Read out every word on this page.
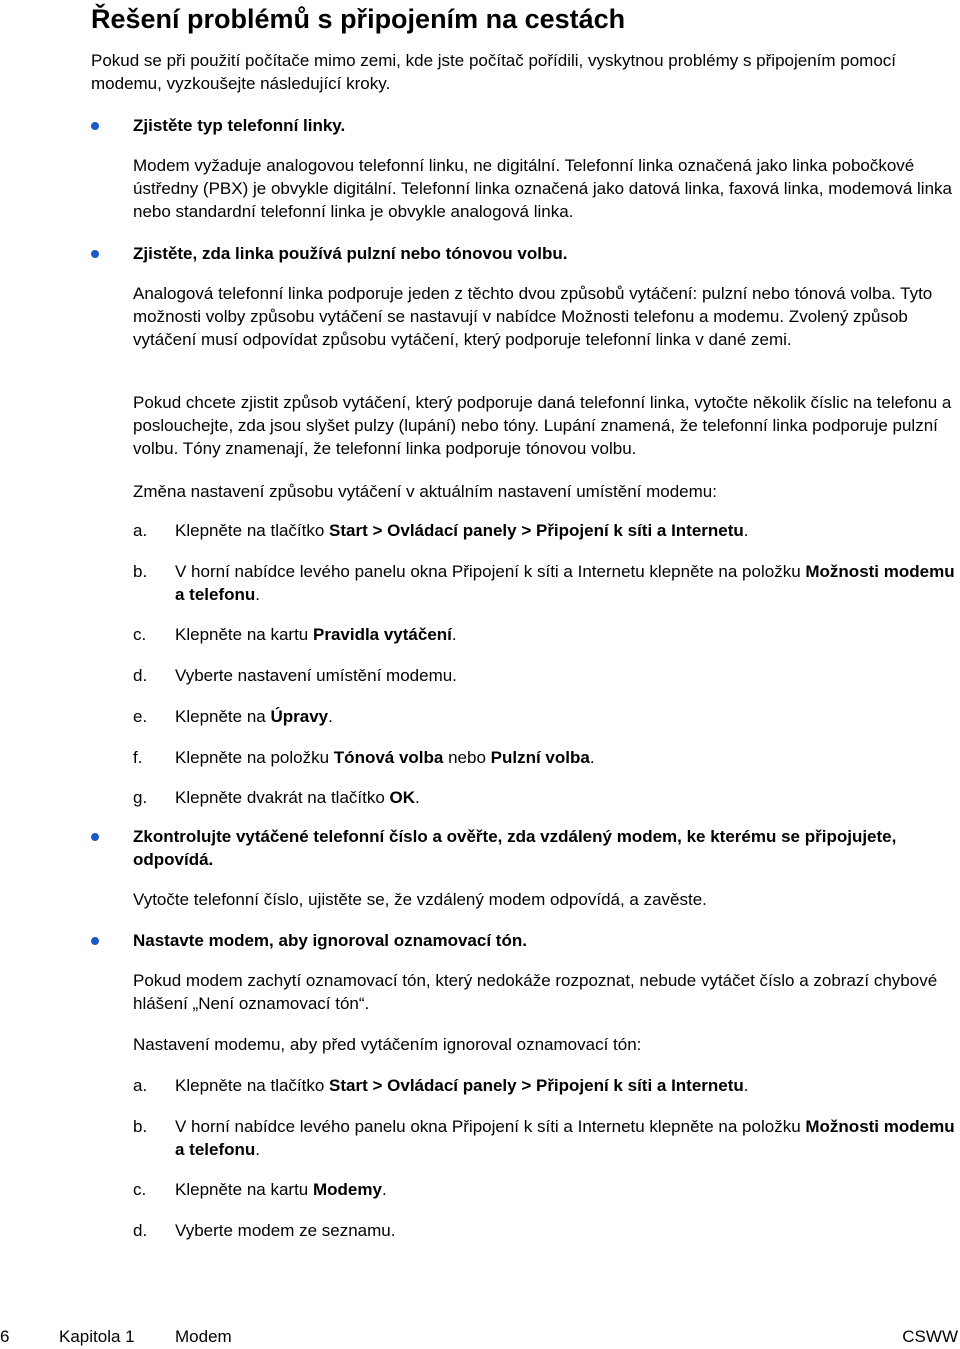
Řešení problémů s připojením na cestách

Pokud se při použití počítače mimo zemi, kde jste počítač pořídili, vyskytnou problémy s připojením pomocí modemu, vyzkoušejte následující kroky.

Zjistěte typ telefonní linky.

Modem vyžaduje analogovou telefonní linku, ne digitální. Telefonní linka označená jako linka pobočkové ústředny (PBX) je obvykle digitální. Telefonní linka označená jako datová linka, faxová linka, modemová linka nebo standardní telefonní linka je obvykle analogová linka.

Zjistěte, zda linka používá pulzní nebo tónovou volbu.

Analogová telefonní linka podporuje jeden z těchto dvou způsobů vytáčení: pulzní nebo tónová volba. Tyto možnosti volby způsobu vytáčení se nastavují v nabídce Možnosti telefonu a modemu. Zvolený způsob vytáčení musí odpovídat způsobu vytáčení, který podporuje telefonní linka v dané zemi.

Pokud chcete zjistit způsob vytáčení, který podporuje daná telefonní linka, vytočte několik číslic na telefonu a poslouchejte, zda jsou slyšet pulzy (lupání) nebo tóny. Lupání znamená, že telefonní linka podporuje pulzní volbu. Tóny znamenají, že telefonní linka podporuje tónovou volbu.

Změna nastavení způsobu vytáčení v aktuálním nastavení umístění modemu:

a. Klepněte na tlačítko Start > Ovládací panely > Připojení k síti a Internetu.
b. V horní nabídce levého panelu okna Připojení k síti a Internetu klepněte na položku Možnosti modemu a telefonu.
c. Klepněte na kartu Pravidla vytáčení.
d. Vyberte nastavení umístění modemu.
e. Klepněte na Úpravy.
f. Klepněte na položku Tónová volba nebo Pulzní volba.
g. Klepněte dvakrát na tlačítko OK.

Zkontrolujte vytáčené telefonní číslo a ověřte, zda vzdálený modem, ke kterému se připojujete, odpovídá.

Vytočte telefonní číslo, ujistěte se, že vzdálený modem odpovídá, a zavěste.

Nastavte modem, aby ignoroval oznamovací tón.

Pokud modem zachytí oznamovací tón, který nedokáže rozpoznat, nebude vytáčet číslo a zobrazí chybové hlášení „Není oznamovací tón“.

Nastavení modemu, aby před vytáčením ignoroval oznamovací tón:

a. Klepněte na tlačítko Start > Ovládací panely > Připojení k síti a Internetu.
b. V horní nabídce levého panelu okna Připojení k síti a Internetu klepněte na položku Možnosti modemu a telefonu.
c. Klepněte na kartu Modemy.
d. Vyberte modem ze seznamu.
6	Kapitola 1 Modem	CSWW
